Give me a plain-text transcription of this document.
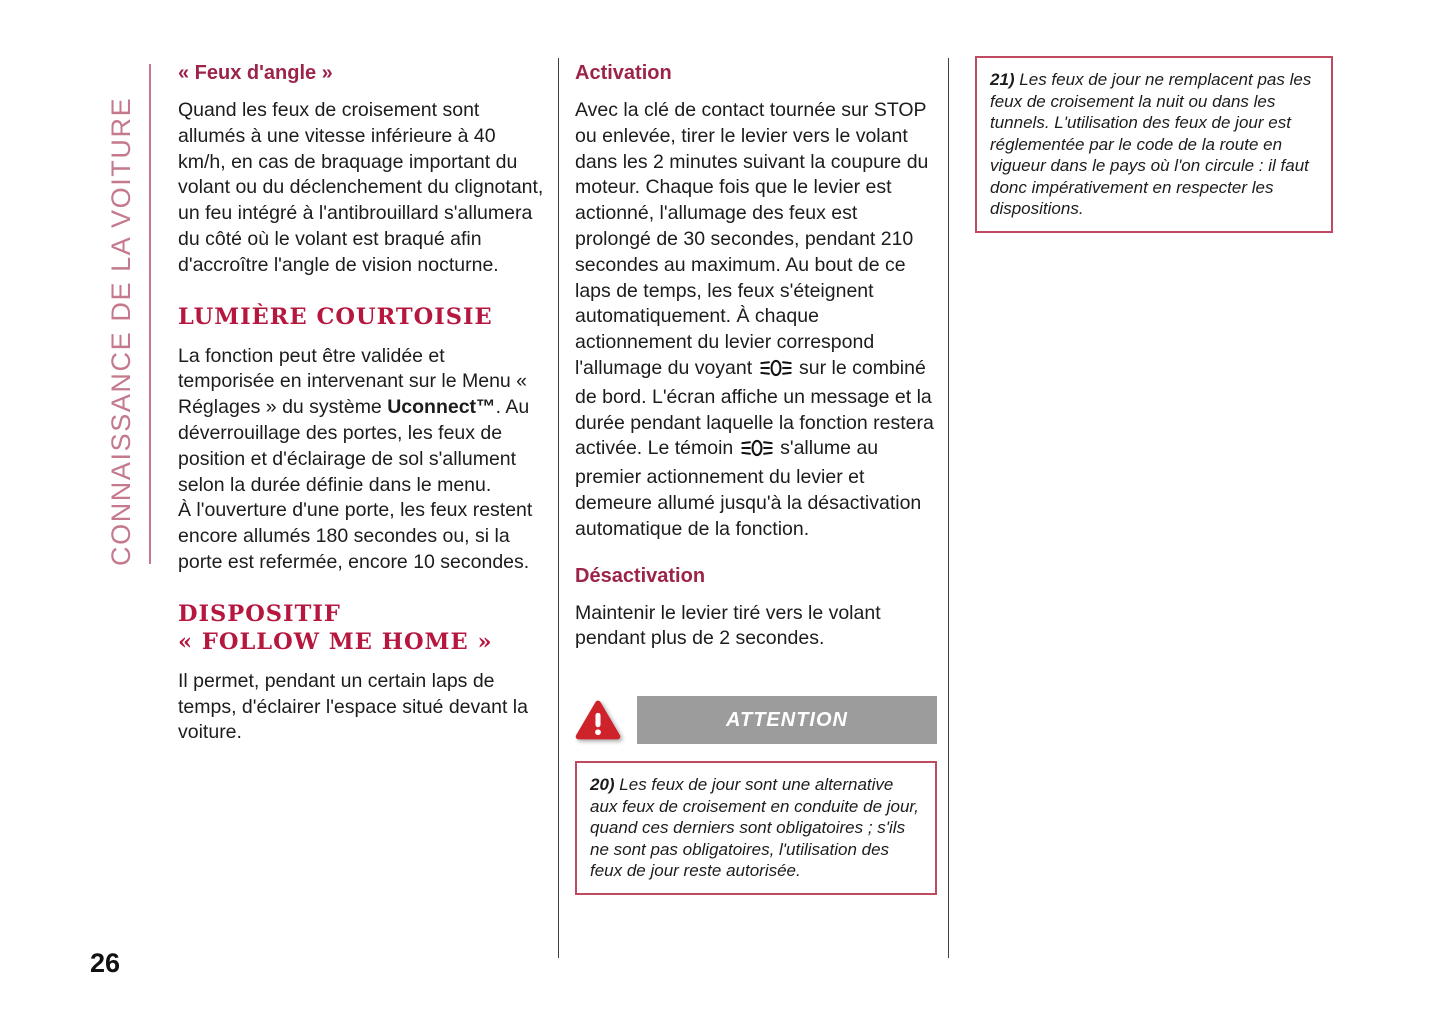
CONNAISSANCE DE LA VOITURE
« Feux d'angle »

Quand les feux de croisement sont allumés à une vitesse inférieure à 40 km/h, en cas de braquage important du volant ou du déclenchement du clignotant, un feu intégré à l'antibrouillard s'allumera du côté où le volant est braqué afin d'accroître l'angle de vision nocturne.

LUMIÈRE COURTOISIE

La fonction peut être validée et temporisée en intervenant sur le Menu « Réglages » du système Uconnect™. Au déverrouillage des portes, les feux de position et d'éclairage de sol s'allument selon la durée définie dans le menu.

À l'ouverture d'une porte, les feux restent encore allumés 180 secondes ou, si la porte est refermée, encore 10 secondes.

DISPOSITIF
« FOLLOW ME HOME »

Il permet, pendant un certain laps de temps, d'éclairer l'espace situé devant la voiture.

Activation

Avec la clé de contact tournée sur STOP ou enlevée, tirer le levier vers le volant dans les 2 minutes suivant la coupure du moteur. Chaque fois que le levier est actionné, l'allumage des feux est prolongé de 30 secondes, pendant 210 secondes au maximum. Au bout de ce laps de temps, les feux s'éteignent automatiquement. À chaque actionnement du levier correspond l'allumage du voyant  sur le combiné de bord. L'écran affiche un message et la durée pendant laquelle la fonction restera activée. Le témoin  s'allume au premier actionnement du levier et demeure allumé jusqu'à la désactivation automatique de la fonction.

Désactivation

Maintenir le levier tiré vers le volant pendant plus de 2 secondes.

ATTENTION
20) Les feux de jour sont une alternative aux feux de croisement en conduite de jour, quand ces derniers sont obligatoires ; s'ils ne sont pas obligatoires, l'utilisation des feux de jour reste autorisée.
21) Les feux de jour ne remplacent pas les feux de croisement la nuit ou dans les tunnels. L'utilisation des feux de jour est réglementée par le code de la route en vigueur dans le pays où l'on circule : il faut donc impérativement en respecter les dispositions.
26
